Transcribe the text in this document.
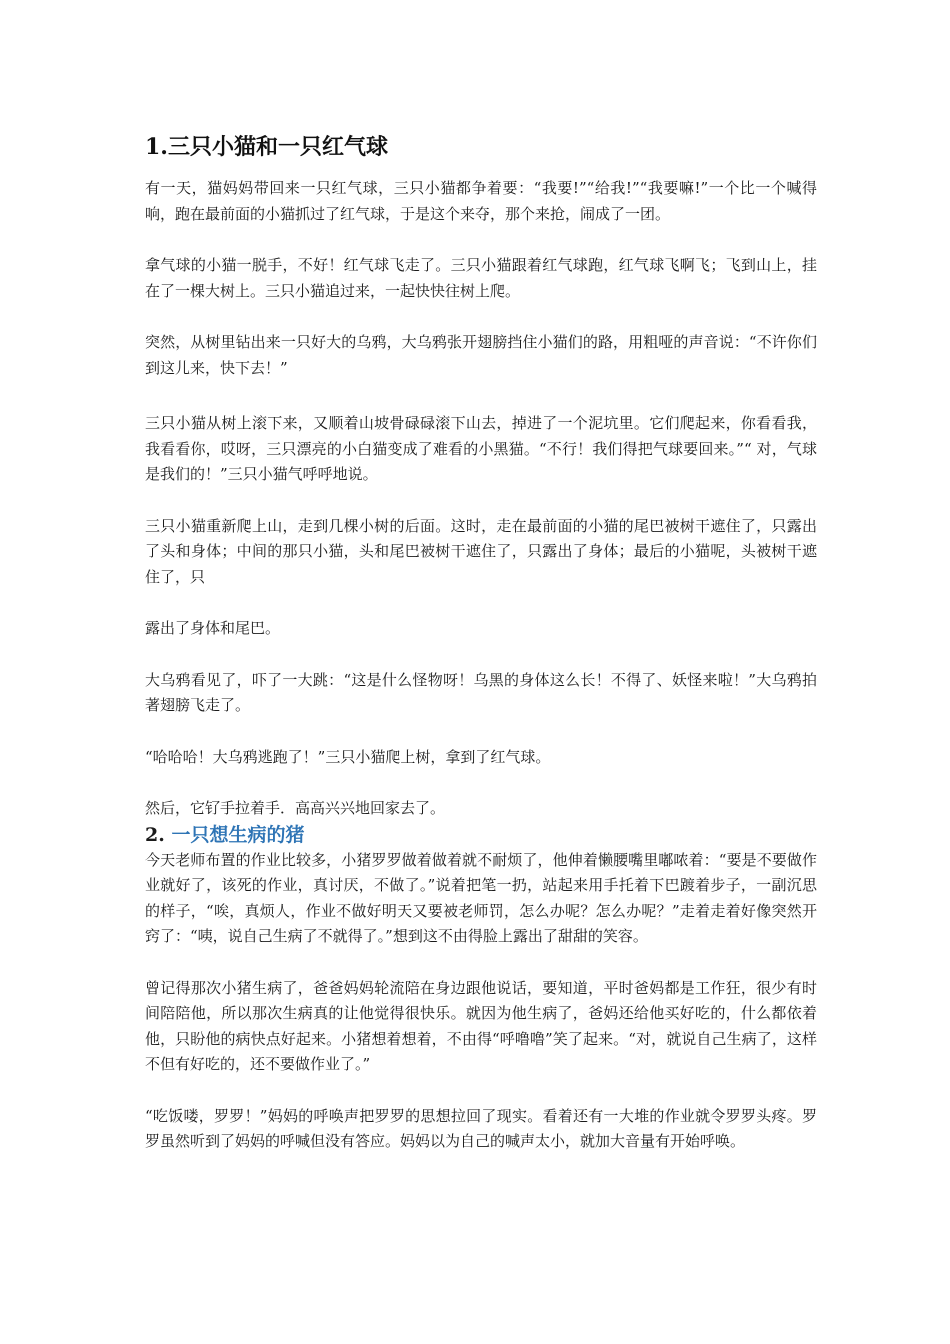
1.三只小猫和一只红气球

有一天，猫妈妈带回来一只红气球，三只小猫都争着要：“我要!”“给我!”“我要嘛!”一个比一个喊得响，跑在最前面的小猫抓过了红气球，于是这个来夺，那个来抢，闹成了一团。

拿气球的小猫一脱手，不好！红气球飞走了。三只小猫跟着红气球跑，红气球飞啊飞；飞到山上，挂在了一棵大树上。三只小猫追过来，一起快快往树上爬。

突然，从树里钻出来一只好大的乌鸦，大乌鸦张开翅膀挡住小猫们的路，用粗哑的声音说：“不许你们到这儿来，快下去！”

三只小猫从树上滚下来，又顺着山坡骨碌碌滚下山去，掉进了一个泥坑里。它们爬起来，你看看我，我看看你，哎呀，三只漂亮的小白猫变成了难看的小黑猫。“不行！我们得把气球要回来。”“ 对，气球是我们的！”三只小猫气呼呼地说。

三只小猫重新爬上山，走到几棵小树的后面。这时，走在最前面的小猫的尾巴被树干遮住了，只露出了头和身体；中间的那只小猫，头和尾巴被树干遮住了，只露出了身体；最后的小猫呢，头被树干遮住了，只

露出了身体和尾巴。

大乌鸦看见了，吓了一大跳：“这是什么怪物呀！乌黑的身体这么长！不得了、妖怪来啦！”大乌鸦拍著翅膀飞走了。

“哈哈哈！大乌鸦逃跑了！”三只小猫爬上树，拿到了红气球。

然后，它钌手拉着手．高高兴兴地回家去了。

2. 一只想生病的猪

今天老师布置的作业比较多，小猪罗罗做着做着就不耐烦了，他伸着懒腰嘴里嘟哝着：“要是不要做作业就好了，该死的作业，真讨厌，不做了。”说着把笔一扔，站起来用手托着下巴踱着步子，一副沉思的样子，“唉，真烦人，作业不做好明天又要被老师罚，怎么办呢？怎么办呢？”走着走着好像突然开窍了：“咦，说自己生病了不就得了。”想到这不由得脸上露出了甜甜的笑容。

曾记得那次小猪生病了，爸爸妈妈轮流陪在身边跟他说话，要知道，平时爸妈都是工作狂，很少有时间陪陪他，所以那次生病真的让他觉得很快乐。就因为他生病了，爸妈还给他买好吃的，什么都依着他，只盼他的病快点好起来。小猪想着想着，不由得“呼噜噜”笑了起来。“对，就说自己生病了，这样不但有好吃的，还不要做作业了。”

“吃饭喽，罗罗！”妈妈的呼唤声把罗罗的思想拉回了现实。看着还有一大堆的作业就令罗罗头疼。罗罗虽然听到了妈妈的呼喊但没有答应。妈妈以为自己的喊声太小，就加大音量有开始呼唤。
